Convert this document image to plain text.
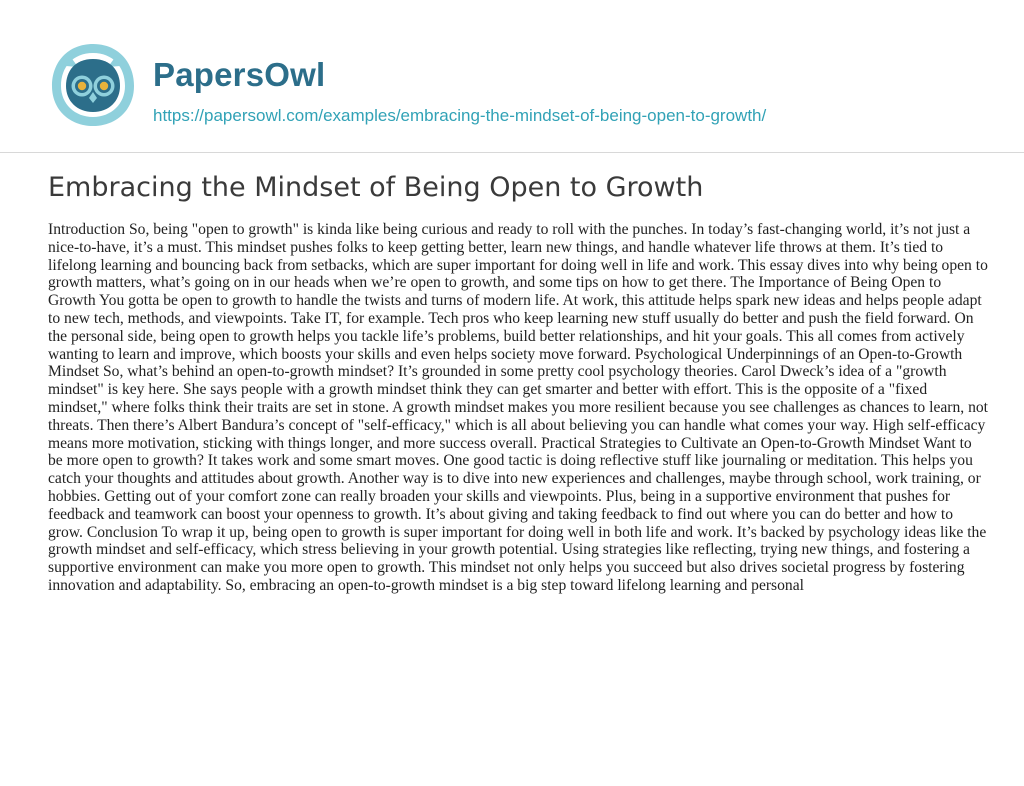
PapersOwl
https://papersowl.com/examples/embracing-the-mindset-of-being-open-to-growth/
Embracing the Mindset of Being Open to Growth

Introduction So, being "open to growth" is kinda like being curious and ready to roll with the punches. In today’s fast-changing world, it’s not just a nice-to-have, it’s a must. This mindset pushes folks to keep getting better, learn new things, and handle whatever life throws at them. It’s tied to lifelong learning and bouncing back from setbacks, which are super important for doing well in life and work. This essay dives into why being open to growth matters, what’s going on in our heads when we’re open to growth, and some tips on how to get there. The Importance of Being Open to Growth You gotta be open to growth to handle the twists and turns of modern life. At work, this attitude helps spark new ideas and helps people adapt to new tech, methods, and viewpoints. Take IT, for example. Tech pros who keep learning new stuff usually do better and push the field forward. On the personal side, being open to growth helps you tackle life’s problems, build better relationships, and hit your goals. This all comes from actively wanting to learn and improve, which boosts your skills and even helps society move forward. Psychological Underpinnings of an Open-to-Growth Mindset So, what’s behind an open-to-growth mindset? It’s grounded in some pretty cool psychology theories. Carol Dweck’s idea of a "growth mindset" is key here. She says people with a growth mindset think they can get smarter and better with effort. This is the opposite of a "fixed mindset," where folks think their traits are set in stone. A growth mindset makes you more resilient because you see challenges as chances to learn, not threats. Then there’s Albert Bandura’s concept of "self-efficacy," which is all about believing you can handle what comes your way. High self-efficacy means more motivation, sticking with things longer, and more success overall. Practical Strategies to Cultivate an Open-to-Growth Mindset Want to be more open to growth? It takes work and some smart moves. One good tactic is doing reflective stuff like journaling or meditation. This helps you catch your thoughts and attitudes about growth. Another way is to dive into new experiences and challenges, maybe through school, work training, or hobbies. Getting out of your comfort zone can really broaden your skills and viewpoints. Plus, being in a supportive environment that pushes for feedback and teamwork can boost your openness to growth. It’s about giving and taking feedback to find out where you can do better and how to grow. Conclusion To wrap it up, being open to growth is super important for doing well in both life and work. It’s backed by psychology ideas like the growth mindset and self-efficacy, which stress believing in your growth potential. Using strategies like reflecting, trying new things, and fostering a supportive environment can make you more open to growth. This mindset not only helps you succeed but also drives societal progress by fostering innovation and adaptability. So, embracing an open-to-growth mindset is a big step toward lifelong learning and personal
